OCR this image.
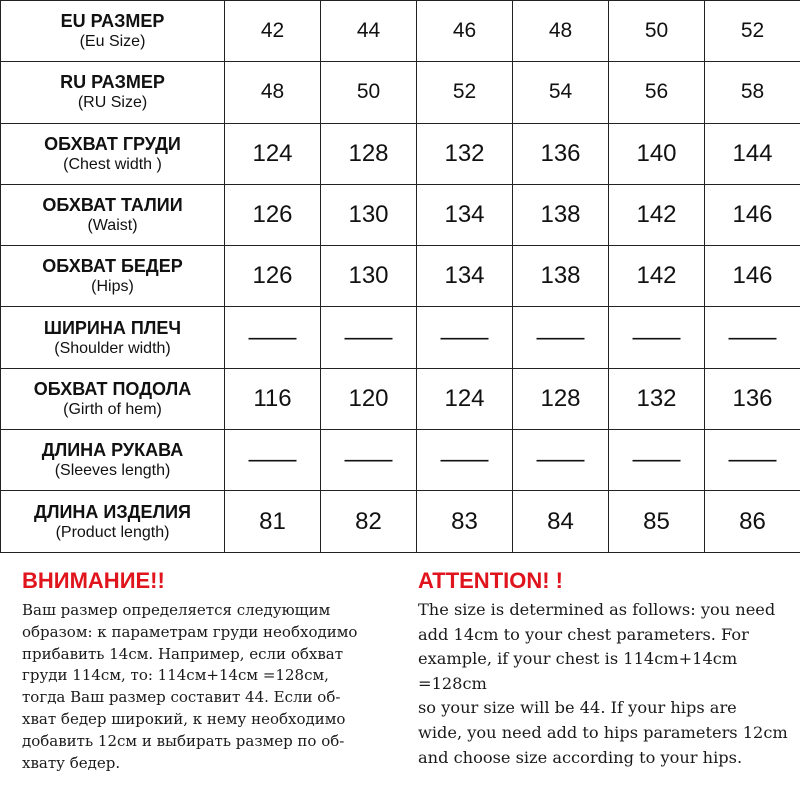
EU РАЗМЕР
(Eu Size)	42	44	46	48	50	52

RU РАЗМЕР
(RU Size)	48	50	52	54	56	58

ОБХВАТ ГРУДИ
(Chest width )	124	128	132	136	140	144

ОБХВАТ ТАЛИИ
(Waist)	126	130	134	138	142	146

ОБХВАТ БЕДЕР
(Hips)	126	130	134	138	142	146

ШИРИНА ПЛЕЧ
(Shoulder width)	——	——	——	——	——	——

ОБХВАТ ПОДОЛА
(Girth of hem)	116	120	124	128	132	136

ДЛИНА РУКАВА
(Sleeves length)	——	——	——	——	——	——

ДЛИНА ИЗДЕЛИЯ
(Product length)	81	82	83	84	85	86
ВНИМАНИЕ!!
Ваш размер определяется следующим
образом: к параметрам груди необходимо
прибавить 14см. Например, если обхват
груди 114см, то: 114см+14см =128см,
тогда Ваш размер составит 44. Если об-
хват бедер широкий, к нему необходимо
добавить 12см и выбирать размер по об-
хвату бедер.
ATTENTION! !
The size is determined as follows: you need
add 14cm to your chest parameters. For
example, if your chest is 114cm+14cm =128cm
so your size will be 44. If your hips are
wide, you need add to hips parameters 12cm
and choose size according to your hips.
